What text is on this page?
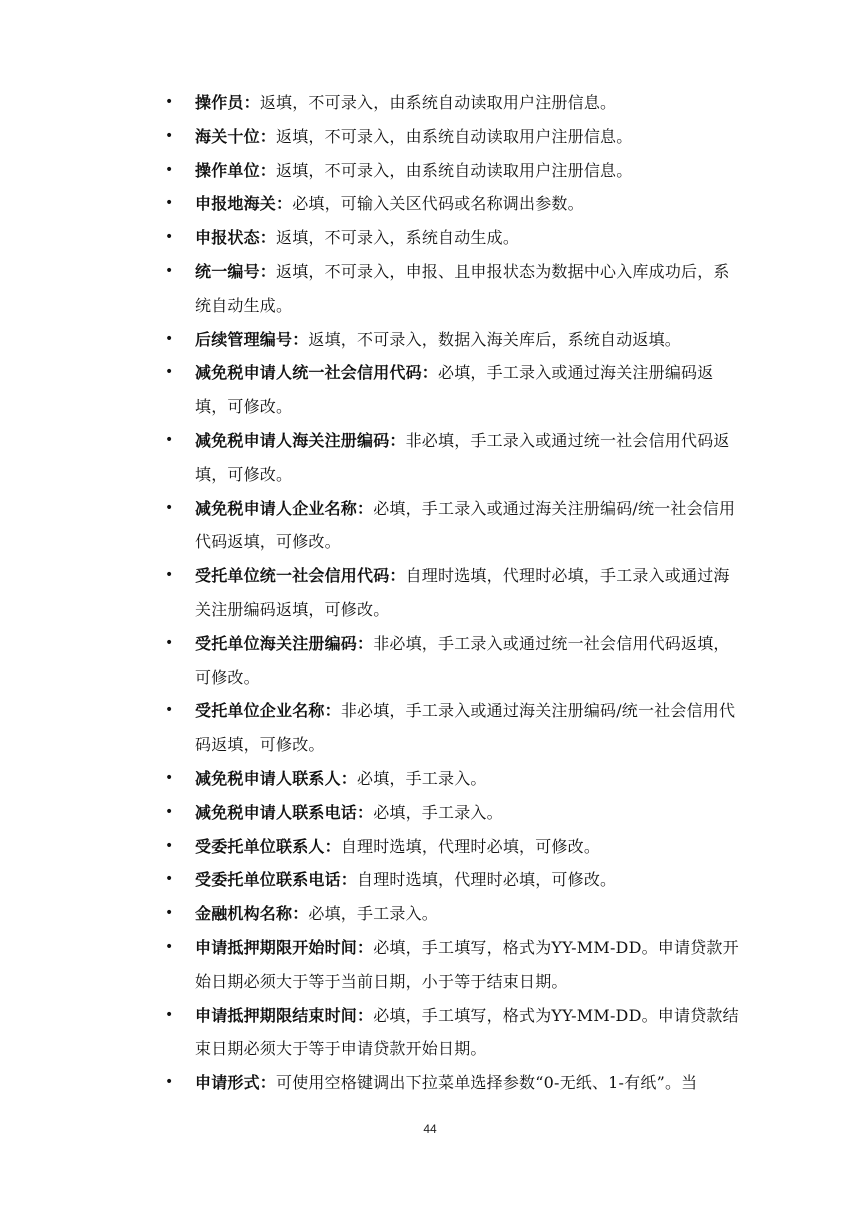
• 操作员：返填，不可录入，由系统自动读取用户注册信息。
• 海关十位：返填，不可录入，由系统自动读取用户注册信息。
• 操作单位：返填，不可录入，由系统自动读取用户注册信息。
• 申报地海关：必填，可输入关区代码或名称调出参数。
• 申报状态：返填，不可录入，系统自动生成。
• 统一编号：返填，不可录入，申报、且申报状态为数据中心入库成功后，系统自动生成。
• 后续管理编号：返填，不可录入，数据入海关库后，系统自动返填。
• 减免税申请人统一社会信用代码：必填，手工录入或通过海关注册编码返填，可修改。
• 减免税申请人海关注册编码：非必填，手工录入或通过统一社会信用代码返填，可修改。
• 减免税申请人企业名称：必填，手工录入或通过海关注册编码/统一社会信用代码返填，可修改。
• 受托单位统一社会信用代码：自理时选填，代理时必填，手工录入或通过海关注册编码返填，可修改。
• 受托单位海关注册编码：非必填，手工录入或通过统一社会信用代码返填，可修改。
• 受托单位企业名称：非必填，手工录入或通过海关注册编码/统一社会信用代码返填，可修改。
• 减免税申请人联系人：必填，手工录入。
• 减免税申请人联系电话：必填，手工录入。
• 受委托单位联系人：自理时选填，代理时必填，可修改。
• 受委托单位联系电话：自理时选填，代理时必填，可修改。
• 金融机构名称：必填，手工录入。
• 申请抵押期限开始时间：必填，手工填写，格式为YY-MM-DD。申请贷款开始日期必须大于等于当前日期，小于等于结束日期。
• 申请抵押期限结束时间：必填，手工填写，格式为YY-MM-DD。申请贷款结束日期必须大于等于申请贷款开始日期。
• 申请形式：可使用空格键调出下拉菜单选择参数“0-无纸、1-有纸”。当
44
